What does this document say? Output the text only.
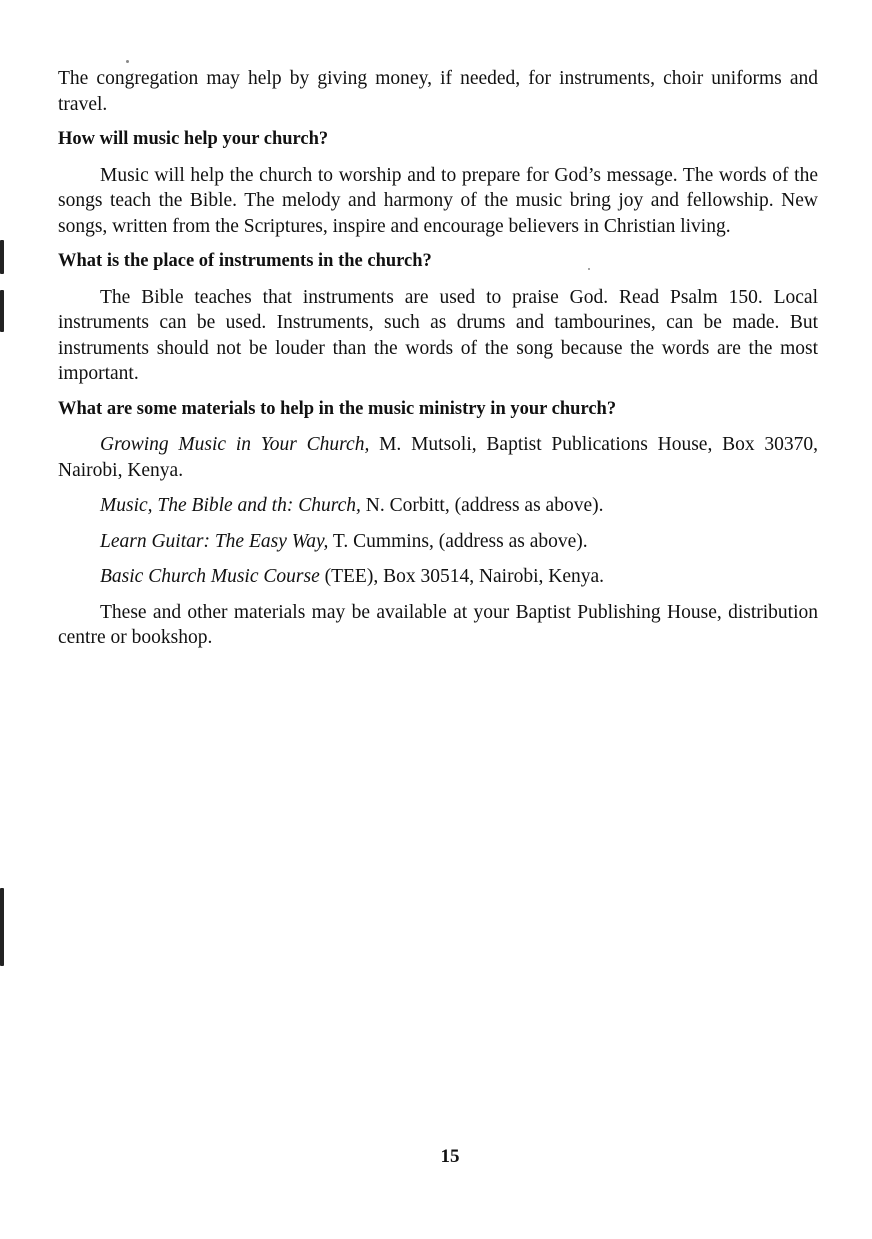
The congregation may help by giving money, if needed, for instruments, choir uniforms and travel.

How will music help your church?

Music will help the church to worship and to prepare for God’s message. The words of the songs teach the Bible. The melody and harmony of the music bring joy and fellowship. New songs, written from the Scriptures, inspire and encourage believers in Christian living.

What is the place of instruments in the church?

The Bible teaches that instruments are used to praise God. Read Psalm 150. Local instruments can be used. Instruments, such as drums and tambourines, can be made. But instruments should not be louder than the words of the song because the words are the most important.

What are some materials to help in the music ministry in your church?

Growing Music in Your Church, M. Mutsoli, Baptist Publications House, Box 30370, Nairobi, Kenya.

Music, The Bible and th: Church, N. Corbitt, (address as above).

Learn Guitar: The Easy Way, T. Cummins, (address as above).

Basic Church Music Course (TEE), Box 30514, Nairobi, Kenya.

These and other materials may be available at your Baptist Publishing House, distribution centre or bookshop.

15
